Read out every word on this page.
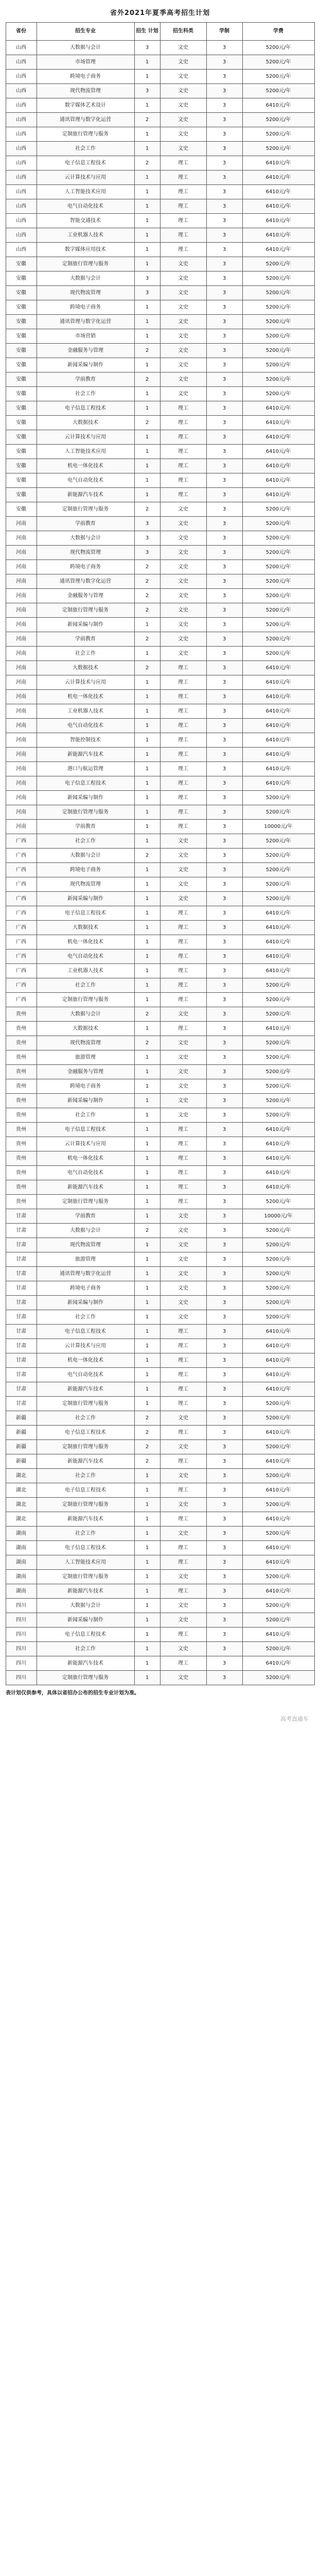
省外2021年夏季高考招生计划
省份	招生专业	招生 计划	招生科类	学制	学费
山西	大数据与会计	3	文史	3	5200元/年
山西	市场管理	1	文史	3	5200元/年
山西	跨境电子商务	1	文史	3	5200元/年
山西	现代物流管理	3	文史	3	5200元/年
山西	数字媒体艺术设计	1	文史	3	6410元/年
山西	通讯管理与数字化运营	2	文史	3	5200元/年
山西	定制旅行管理与服务	1	文史	3	5200元/年
山西	社会工作	1	文史	3	5200元/年
山西	电子信息工程技术	2	理工	3	6410元/年
山西	云计算技术与应用	1	理工	3	6410元/年
山西	人工智能技术应用	1	理工	3	6410元/年
山西	电气自动化技术	1	理工	3	6410元/年
山西	智能交通技术	1	理工	3	6410元/年
山西	工业机器人技术	1	理工	3	6410元/年
山西	数字媒体应用技术	1	理工	3	6410元/年
安徽	定制旅行管理与服务	1	文史	3	5200元/年
安徽	大数据与会计	3	文史	3	5200元/年
安徽	现代物流管理	3	文史	3	5200元/年
安徽	跨境电子商务	1	文史	3	5200元/年
安徽	通讯管理与数字化运营	1	文史	3	5200元/年
安徽	市场营销	1	文史	3	5200元/年
安徽	金融服务与管理	2	文史	3	5200元/年
安徽	新闻采编与制作	1	文史	3	5200元/年
安徽	学前教育	2	文史	3	5200元/年
安徽	社会工作	1	文史	3	5200元/年
安徽	电子信息工程技术	1	理工	3	6410元/年
安徽	大数据技术	2	理工	3	6410元/年
安徽	云计算技术与应用	1	理工	3	6410元/年
安徽	人工智能技术应用	1	理工	3	6410元/年
安徽	机电一体化技术	1	理工	3	6410元/年
安徽	电气自动化技术	1	理工	3	6410元/年
安徽	新能源汽车技术	1	理工	3	6410元/年
安徽	定制旅行管理与服务	2	文史	3	5200元/年
河南	学前教育	3	文史	3	5200元/年
河南	大数据与会计	3	文史	3	5200元/年
河南	现代物流管理	3	文史	3	5200元/年
河南	跨境电子商务	2	文史	3	5200元/年
河南	通讯管理与数字化运营	2	文史	3	5200元/年
河南	金融服务与管理	2	文史	3	5200元/年
河南	定制旅行管理与服务	2	文史	3	5200元/年
河南	新闻采编与制作	1	文史	3	5200元/年
河南	学前教育	2	文史	3	5200元/年
河南	社会工作	1	文史	3	5200元/年
河南	大数据技术	2	理工	3	6410元/年
河南	云计算技术与应用	1	理工	3	6410元/年
河南	机电一体化技术	1	理工	3	6410元/年
河南	工业机器人技术	1	理工	3	6410元/年
河南	电气自动化技术	1	理工	3	6410元/年
河南	智能控制技术	1	理工	3	6410元/年
河南	新能源汽车技术	1	理工	3	6410元/年
河南	港口与航运管理	1	理工	3	6410元/年
河南	电子信息工程技术	1	理工	3	6410元/年
河南	新闻采编与制作	1	理工	3	5200元/年
河南	定制旅行管理与服务	1	理工	3	5200元/年
河南	学前教育	1	理工	3	10000元/年
广西	社会工作	1	文史	3	5200元/年
广西	大数据与会计	2	文史	3	5200元/年
广西	跨境电子商务	1	文史	3	5200元/年
广西	现代物流管理	1	文史	3	5200元/年
广西	新闻采编与制作	1	文史	3	5200元/年
广西	电子信息工程技术	1	理工	3	6410元/年
广西	大数据技术	1	理工	3	6410元/年
广西	机电一体化技术	1	理工	3	6410元/年
广西	电气自动化技术	1	理工	3	6410元/年
广西	工业机器人技术	1	理工	3	6410元/年
广西	社会工作	1	理工	3	5200元/年
广西	定制旅行管理与服务	1	理工	3	5200元/年
贵州	大数据与会计	2	文史	3	5200元/年
贵州	大数据技术	1	理工	3	6410元/年
贵州	现代物流管理	2	文史	3	5200元/年
贵州	旅游管理	1	文史	3	5200元/年
贵州	金融服务与管理	1	文史	3	5200元/年
贵州	跨境电子商务	1	文史	3	5200元/年
贵州	新闻采编与制作	1	文史	3	5200元/年
贵州	社会工作	1	文史	3	5200元/年
贵州	电子信息工程技术	1	理工	3	6410元/年
贵州	云计算技术与应用	1	理工	3	6410元/年
贵州	机电一体化技术	1	理工	3	6410元/年
贵州	电气自动化技术	1	理工	3	6410元/年
贵州	新能源汽车技术	1	理工	3	6410元/年
贵州	定制旅行管理与服务	1	理工	3	5200元/年
甘肃	学前教育	1	文史	3	10000元/年
甘肃	大数据与会计	2	文史	3	5200元/年
甘肃	现代物流管理	1	文史	3	5200元/年
甘肃	旅游管理	1	文史	3	5200元/年
甘肃	通讯管理与数字化运营	1	文史	3	5200元/年
甘肃	跨境电子商务	1	文史	3	5200元/年
甘肃	新闻采编与制作	1	文史	3	5200元/年
甘肃	社会工作	1	文史	3	5200元/年
甘肃	电子信息工程技术	1	理工	3	6410元/年
甘肃	云计算技术与应用	1	理工	3	6410元/年
甘肃	机电一体化技术	1	理工	3	6410元/年
甘肃	电气自动化技术	1	理工	3	6410元/年
甘肃	新能源汽车技术	1	理工	3	6410元/年
甘肃	定制旅行管理与服务	1	理工	3	5200元/年
新疆	社会工作	2	文史	3	5200元/年
新疆	电子信息工程技术	2	理工	3	6410元/年
新疆	定制旅行管理与服务	2	文史	3	5200元/年
新疆	新能源汽车技术	2	理工	3	6410元/年
湖北	社会工作	1	文史	3	5200元/年
湖北	电子信息工程技术	1	理工	3	6410元/年
湖北	定制旅行管理与服务	1	文史	3	5200元/年
湖北	新能源汽车技术	1	理工	3	6410元/年
湖南	社会工作	1	文史	3	5200元/年
湖南	电子信息工程技术	1	理工	3	6410元/年
湖南	人工智能技术应用	1	理工	3	6410元/年
湖南	定制旅行管理与服务	1	文史	3	5200元/年
湖南	新能源汽车技术	1	理工	3	6410元/年
四川	大数据与会计	1	文史	3	5200元/年
四川	新闻采编与制作	1	文史	3	5200元/年
四川	电子信息工程技术	1	理工	3	6410元/年
四川	社会工作	1	文史	3	5200元/年
四川	新能源汽车技术	1	理工	3	6410元/年
四川	定制旅行管理与服务	1	文史	3	5200元/年
表计划仅供参考，具体以省招办公布的招生专业计划为准。
高考直通车
